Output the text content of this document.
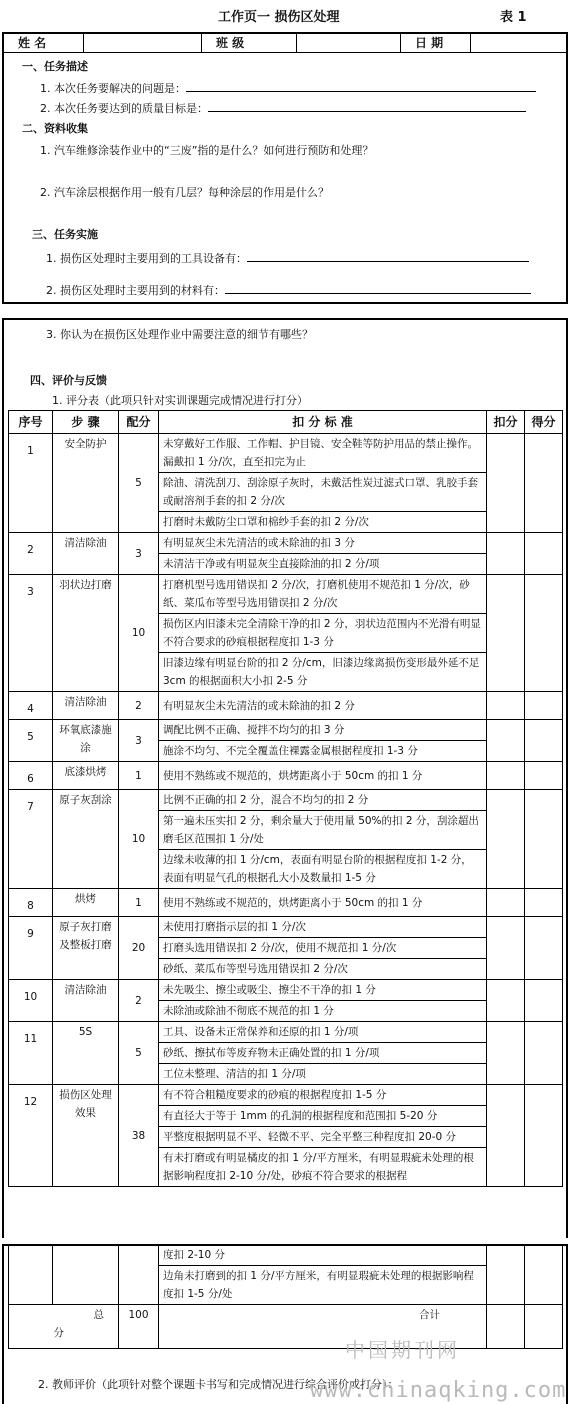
工作页一 损伤区处理	表 1
姓 名	班 级	日 期
一、任务描述
1. 本次任务要解决的问题是：
2. 本次任务要达到的质量目标是：
二、资料收集
1. 汽车维修涂装作业中的“三废”指的是什么？如何进行预防和处理？
2. 汽车涂层根据作用一般有几层？每种涂层的作用是什么？
三、任务实施
1. 损伤区处理时主要用到的工具设备有：
2. 损伤区处理时主要用到的材料有：
3. 你认为在损伤区处理作业中需要注意的细节有哪些？
四、评价与反馈
1. 评分表（此项只针对实训课题完成情况进行打分）
序号	步 骤	配分	扣 分 标 准	扣分	得分
1	安全防护	5	未穿戴好工作服、工作帽、护目镜、安全鞋等防护用品的禁止操作。漏戴扣 1 分/次，直至扣完为止		
			除油、清洗刮刀、刮涂原子灰时，未戴活性炭过滤式口罩、乳胶手套或耐溶剂手套的扣 2 分/次		
			打磨时未戴防尘口罩和棉纱手套的扣 2 分/次		
2	清洁除油	3	有明显灰尘未先清洁的或未除油的扣 3 分		
			未清洁干净或有明显灰尘直接除油的扣 2 分/项		
3	羽状边打磨	10	打磨机型号选用错误扣 2 分/次，打磨机使用不规范扣 1 分/次，砂纸、菜瓜布等型号选用错误扣 2 分/次		
			损伤区内旧漆未完全清除干净的扣 2 分，羽状边范围内不光滑有明显不符合要求的砂痕根据程度扣 1-3 分		
			旧漆边缘有明显台阶的扣 2 分/cm，旧漆边缘离损伤变形最外延不足 3cm 的根据面积大小扣 2-5 分		
4	清洁除油	2	有明显灰尘未先清洁的或未除油的扣 2 分		
5	环氧底漆施涂	3	调配比例不正确、搅拌不均匀的扣 3 分		
			施涂不均匀、不完全覆盖住裸露金属根据程度扣 1-3 分		
6	底漆烘烤	1	使用不熟练或不规范的，烘烤距离小于 50cm 的扣 1 分		
7	原子灰刮涂	10	比例不正确的扣 2 分，混合不均匀的扣 2 分		
			第一遍未压实扣 2 分，剩余量大于使用量 50%的扣 2 分，刮涂超出磨毛区范围扣 1 分/处		
			边缘未收薄的扣 1 分/cm，表面有明显台阶的根据程度扣 1-2 分，表面有明显气孔的根据孔大小及数量扣 1-5 分		
8	烘烤	1	使用不熟练或不规范的，烘烤距离小于 50cm 的扣 1 分		
9	原子灰打磨及整板打磨	20	未使用打磨指示层的扣 1 分/次		
			打磨头选用错误扣 2 分/次，使用不规范扣 1 分/次		
			砂纸、菜瓜布等型号选用错误扣 2 分/次		
10	清洁除油	2	未先吸尘、擦尘或吸尘、擦尘不干净的扣 1 分		
			未除油或除油不彻底不规范的扣 1 分		
11	5S	5	工具、设备未正常保养和还原的扣 1 分/项		
			砂纸、擦拭布等废弃物未正确处置的扣 1 分/项		
			工位未整理、清洁的扣 1 分/项		
12	损伤区处理效果	38	有不符合粗糙度要求的砂痕的根据程度扣 1-5 分		
			有直径大于等于 1mm 的孔洞的根据程度和范围扣 5-20 分		
			平整度根据明显不平、轻微不平、完全平整三种程度扣 20-0 分		
			有未打磨或有明显橘皮的扣 1 分/平方厘米，有明显瑕疵未处理的根据影响程度扣 2-10 分/处，砂痕不符合要求的根据程		
			度扣 2-10 分		
			边角未打磨到的扣 1 分/平方厘米，有明显瑕疵未处理的根据影响程度扣 1-5 分/处		
总
分		100	合计		
中国期刊网
2. 教师评价（此项针对整个课题卡书写和完成情况进行综合评价或打分）：
www.chinaqking.com
